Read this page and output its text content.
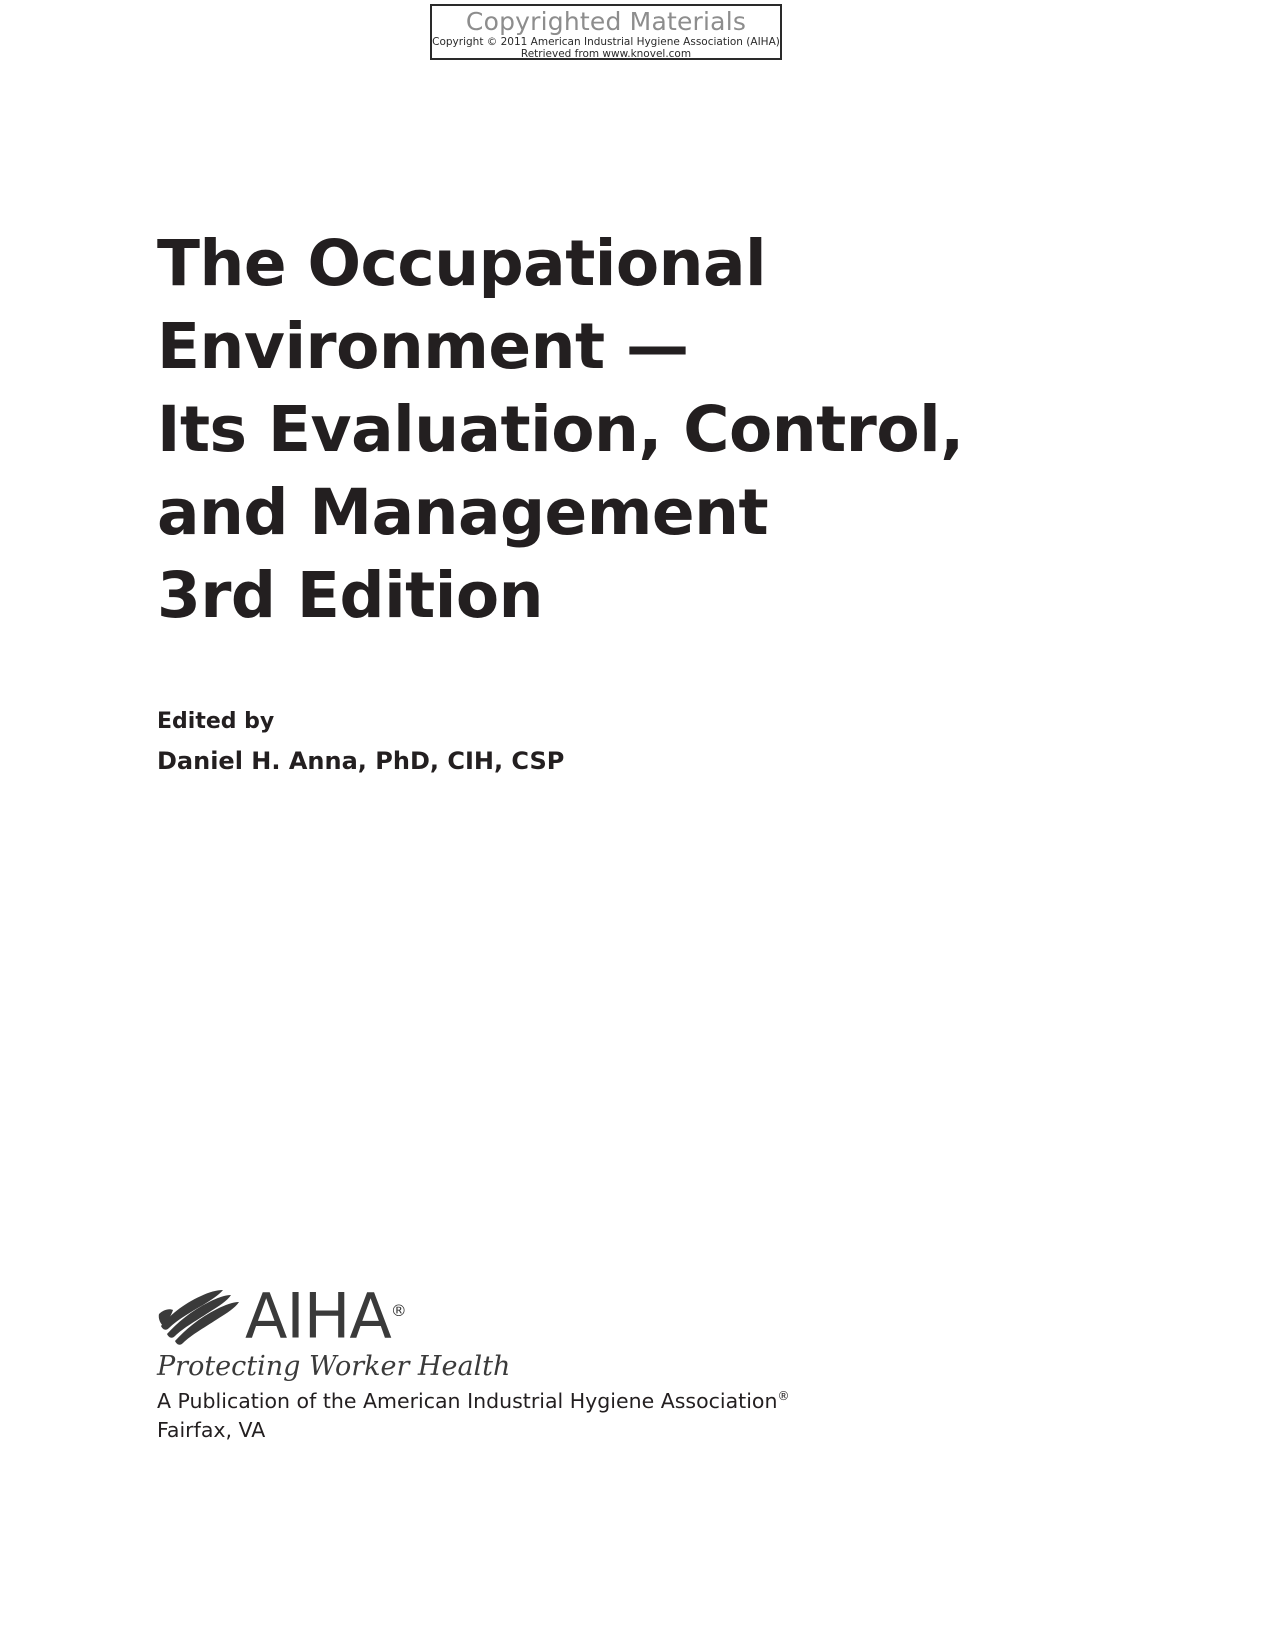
Copyrighted Materials
Copyright © 2011 American Industrial Hygiene Association (AIHA)
Retrieved from www.knovel.com
The Occupational
Environment —
Its Evaluation, Control,
and Management
3rd Edition
Edited by
Daniel H. Anna, PhD, CIH, CSP
AIHA®
Protecting Worker Health
A Publication of the American Industrial Hygiene Association®
Fairfax, VA
